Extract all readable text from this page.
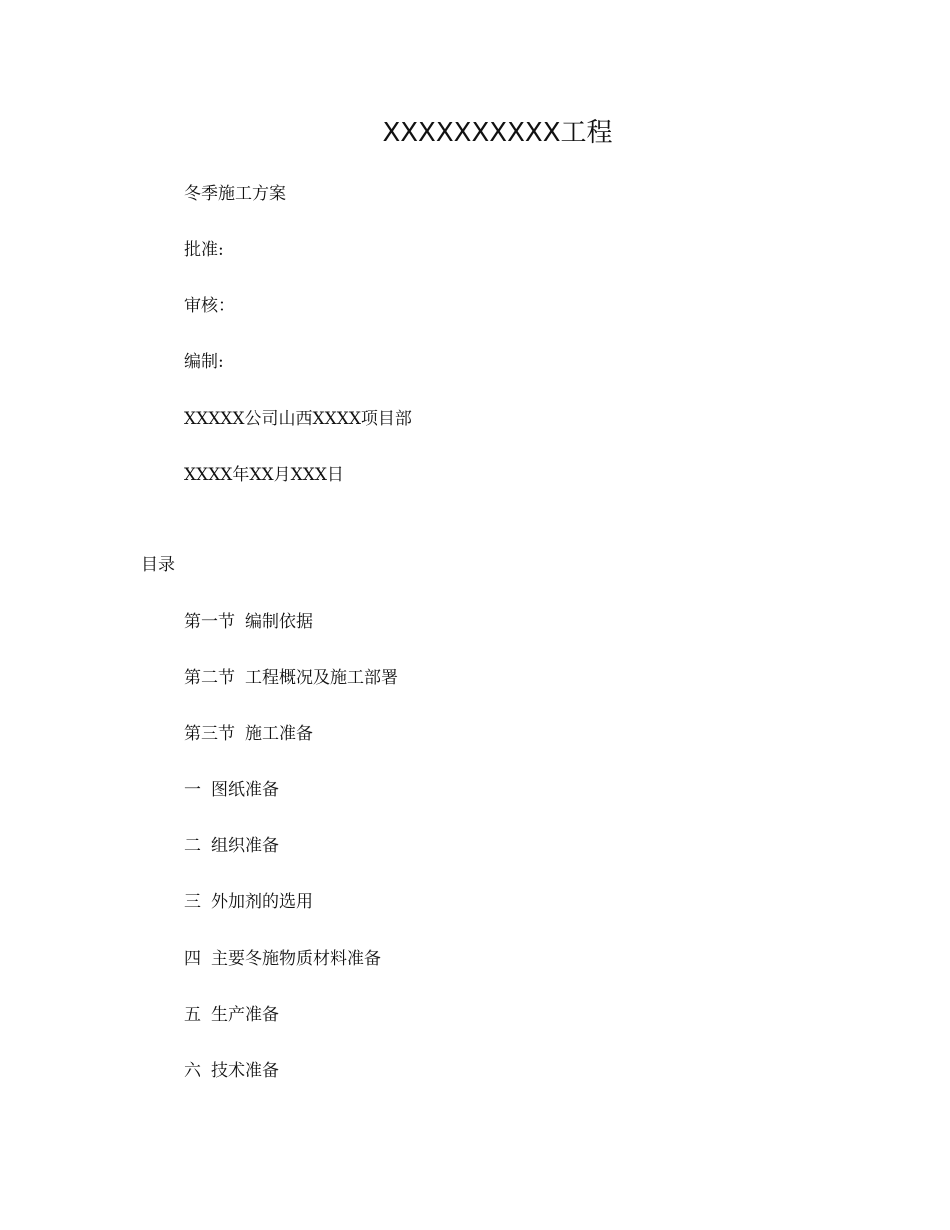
XXXXXXXXXX工程
冬季施工方案
批准:
审核：
编制:
XXXXX公司山西XXXX项目部
XXXX年XX月XXX日
目录
第一节 编制依据
第二节 工程概况及施工部署
第三节 施工准备
一 图纸准备
二 组织准备
三 外加剂的选用
四 主要冬施物质材料准备
五 生产准备
六 技术准备
